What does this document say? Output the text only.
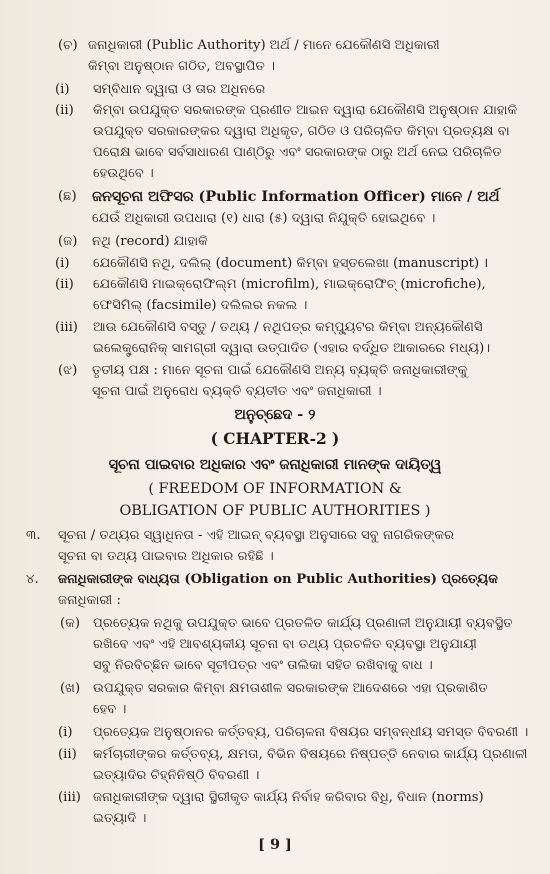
(ଚ) ଜନାଧିକାରୀ (Public Authority) ଅର୍ଥ / ମାନେ ଯେକୌଣସି ଅଧିକାରୀ
କିମ୍ବା ଅନୁଷ୍ଠାନ ଗଠିତ, ଅବସ୍ଥାପିତ ।
(i) ସମ୍ବିଧାନ ଦ୍ୱାରା ଓ ତାର ଅଧିନରେ
(ii) କିମ୍ବା ଉପଯୁକ୍ତ ସରକାରଙ୍କ ପ୍ରଣୀତ ଆଇନ ଦ୍ୱାରା ଯେକୌଣସି ଅନୁଷ୍ଠାନ ଯାହାକି
ଉପଯୁକ୍ତ ସରକାରଙ୍କର ଦ୍ୱାରା ଅଧିକୃତ, ଗଠିତ ଓ ପରିଚାଳିତ କିମ୍ବା ପ୍ରତ୍ୟକ୍ଷ ବା
ପରୋକ୍ଷ ଭାବେ ସର୍ବସାଧାରଣ ପାଣ୍ଠିରୁ ଏବଂ ସରକାରଙ୍କ ଠାରୁ ଅର୍ଥ ନେଇ ପରିଚାଳିତ
ହେଉଥିବେ ।
(ଛ) ଜନସୂଚନା ଅଫିସର (Public Information Officer) ମାନେ / ଅର୍ଥ
ଯେଉଁ ଅଧିକାରୀ ଉପଧାରା (୧) ଧାରା (୫) ଦ୍ୱାରା ନିଯୁକ୍ତି ହୋଇଥିବେ ।
(ଜ) ନଥି (record) ଯାହାକି
(i) ଯେକୌଣସି ନଥି, ଦଲିଲ୍ (document) କିମ୍ବା ହସ୍ତଲେଖା (manuscript) ।
(ii) ଯେକୌଣସି ମାଇକ୍ରୋଫିଲ୍ମ (microfilm), ମାଇକ୍ରୋଫିଚ୍ (microfiche),
ଫେସିମିଲ୍ (facsimile) ଦଲିଲର ନକଲ ।
(iii) ଆଉ ଯେକୌଣସି ବସ୍ତୁ / ତଥ୍ୟ / ନଥିପତ୍ର କମ୍ପ୍ୟୁଟର କିମ୍ବା ଅନ୍ୟକୌଣସି
ଇଲେକ୍ଟ୍ରୋନିକ୍ ସାମଗ୍ରୀ ଦ୍ୱାରା ଉତ୍ପାଦିତ (ଏହାର ବର୍ଦ୍ଧିତ ଆକାରରେ ମଧ୍ୟ)।
(ଝ) ତୃତୀୟ ପକ୍ଷ : ମାନେ ସୂଚନା ପାଇଁ ଯେକୌଣସି ଅନ୍ୟ ବ୍ୟକ୍ତି ଜନାଧିକାରୀଙ୍କୁ
ସୂଚନା ପାଇଁ ଅନୁରୋଧ ବ୍ୟକ୍ତି ବ୍ୟତୀତ ଏବଂ ଜନାଧିକାରୀ ।
ଅନୁଚ୍ଛେଦ - ୨
( CHAPTER-2 )
ସୂଚନା ପାଇବାର ଅଧିକାର ଏବଂ ଜନାଧିକାରୀ ମାନଙ୍କ ଦାୟିତ୍ୱ
( FREEDOM OF INFORMATION &
OBLIGATION OF PUBLIC AUTHORITIES )
୩. ସୂଚନା / ତଥ୍ୟର ସ୍ୱାଧିନତା - ଏହି ଆଇନ୍ ବ୍ୟବସ୍ଥା ଅନୁସାରେ ସବୁ ନାଗରିକଙ୍କର
ସୂଚନା ବା ତଥ୍ୟ ପାଇବାର ଅଧିକାର ରହିଛି ।
୪. ଜନାଧିକାରୀଙ୍କ ବାଧ୍ୟତା (Obligation on Public Authorities) ପ୍ରତ୍ୟେକ
ଜନାଧିକାରୀ :
(କ) ପ୍ରତ୍ୟେକ ନଥିକୁ ଉପଯୁକ୍ତ ଭାବେ ପ୍ରତଳିତ କାର୍ଯ୍ୟ ପ୍ରଣାଳୀ ଅନୁଯାୟୀ ବ୍ୟବସ୍ଥିତ
ରଖିବେ ଏବଂ ଏହି ଆବଶ୍ୟକୀୟ ସୂଚନା ବା ତଥ୍ୟ ପ୍ରଚଳିତ ବ୍ୟବସ୍ଥା ଅନୁଯାୟୀ
ସବୁ ନିରବିଚ୍ଛିନ ଭାବେ ସୂଚୀପତ୍ର ଏବଂ ତାଲିକା ସହିତ ରଖିବାକୁ ବାଧ ।
(ଖ) ଉପଯୁକ୍ତ ସରକାର କିମ୍ବା କ୍ଷମତାଶୀଳ ସରକାରଙ୍କ ଆଦେଶରେ ଏହା ପ୍ରକାଶିତ
ହେବ ।
(i) ପ୍ରତ୍ୟେକ ଅନୁଷ୍ଠାନର କର୍ତ୍ତବ୍ୟ, ପରିଚାଳନା ବିଷୟର ସମ୍ବନ୍ଧୀୟ ସମସ୍ତ ବିବରଣୀ ।
(ii) କର୍ମଚାରୀଙ୍କର କର୍ତ୍ତବ୍ୟ, କ୍ଷମତା, ବିଭିନ ବିଷୟରେ ନିଷ୍ପତ୍ତି ନେବାର କାର୍ଯ୍ୟ ପ୍ରଣାଳୀ
ଇତ୍ୟାଦିର ଚିହ୍ନିନିଷ୍ଠି ବିବରଣୀ ।
(iii) ଜନାଧିକାରୀଙ୍କ ଦ୍ୱାରା ସ୍ଥିରୀକୃତ କାର୍ଯ୍ୟ ନିର୍ବାହ କରିବାର ବିଧି, ବିଧାନ (norms)
ଇତ୍ୟାଦି ।
[ 9 ]
